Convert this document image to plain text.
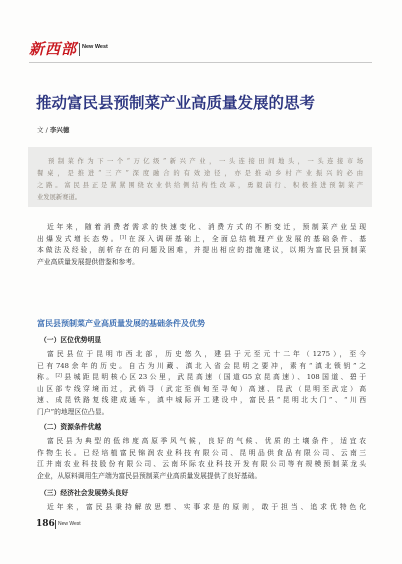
新西部 New West
推动富民县预制菜产业高质量发展的思考
文 / 李兴德
预制菜作为下一个“万亿级”新兴产业，一头连接田间地头，一头连接市场
餐桌，是推进“三产”深度融合的有效途径，亦是推动乡村产业振兴的必由
之路。富民县正是紧紧围绕农业供给侧结构性改革，勇毅前行、积极推进预制菜产
业发展新赛道。
近年来，随着消费者需求的快速变化、消费方式的不断变迁，预制菜产业呈现
出爆发式增长态势。[1]在深入调研基础上，全面总结梳理产业发展的基础条件、基
本做法及经验，剖析存在的问题及困难，并提出相应的措施建议，以期为富民县预制菜
产业高质量发展提供借鉴和参考。
富民县预制菜产业高质量发展的基础条件及优势
（一）区位优势明显
富民县位于昆明市西北部，历史悠久，建县于元至元十二年（1275），至今
已有748余年的历史。自古为川藏、滇北入省会昆明之要冲，素有“滇北锁钥”之
称。[2]县城距昆明核心区23公里，武昆高速（国道G5京昆高速）、108国道、碧于
山区部专线穿境而过，武倘寻（武定至倘甸至寻甸）高速、昆武（昆明至武定）高
速、成昆铁路复线建成通车，滇中城际开工建设中，富民县“昆明北大门”、“川西
门户”的地理区位凸显。
（二）资源条件优越
富民县为典型的低纬度高原季风气候，良好的气候、优质的土壤条件，适宜农
作物生长。已经培植富民锦润农业科技有限公司、昆明品供食品有限公司、云南三
江井南农业科技股份有限公司、云南环际农业科技开发有限公司等有规模预制菜龙头
企业，从原料调用生产端为富民县预制菜产业高质量发展提供了良好基础。
（三）经济社会发展势头良好
近年来，富民县秉持解放思想、实事求是的原则，敢于担当、追求优特色化
186 New West
